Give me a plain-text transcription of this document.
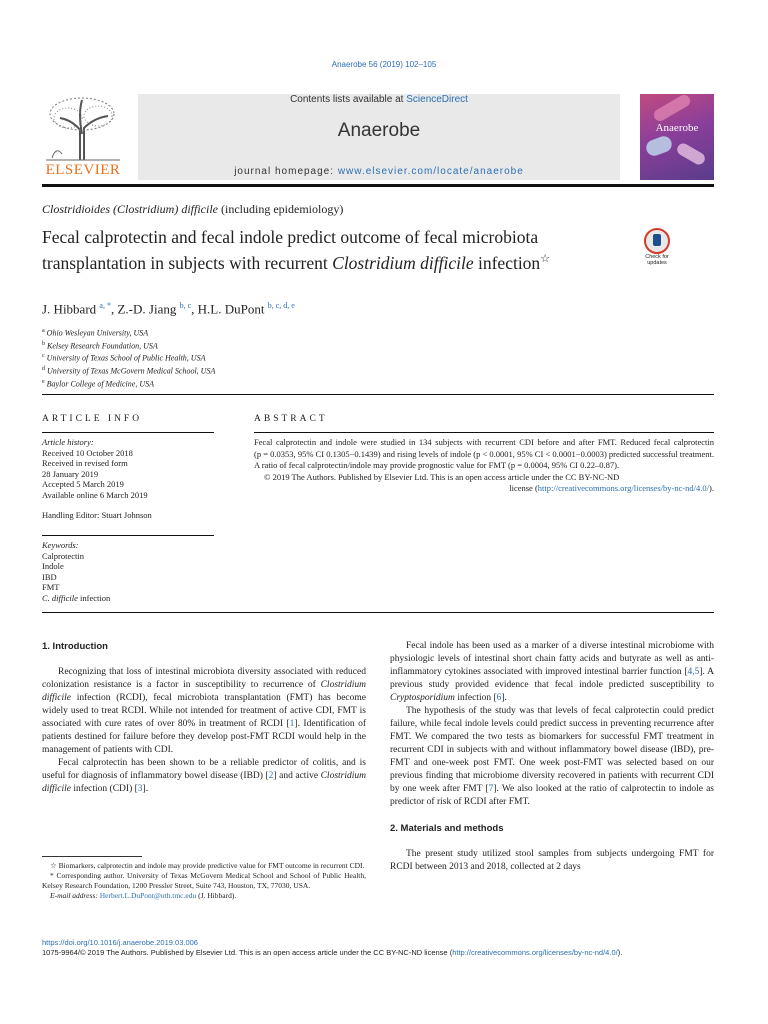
Anaerobe 56 (2019) 102–105
ELSEVIER
Contents lists available at ScienceDirect
Anaerobe
journal homepage: www.elsevier.com/locate/anaerobe
Anaerobe
Clostridioides (Clostridium) difficile (including epidemiology)
Fecal calprotectin and fecal indole predict outcome of fecal microbiota transplantation in subjects with recurrent Clostridium difficile infection☆	Check for updates
J. Hibbard $^{a, *}$, Z.-D. Jiang $^{b, c}$, H.L. DuPont $^{b, c, d, e}$
$^a$ Ohio Wesleyan University, USA
$^b$ Kelsey Research Foundation, USA
$^c$ University of Texas School of Public Health, USA
$^d$ University of Texas McGovern Medical School, USA
$^e$ Baylor College of Medicine, USA
ARTICLE INFO	ABSTRACT
Article history:
Received 10 October 2018
Received in revised form
28 January 2019
Accepted 5 March 2019
Available online 6 March 2019
Handling Editor: Stuart Johnson
Keywords:
Calprotectin
Indole
IBD
FMT
C. difficile infection
Fecal calprotectin and indole were studied in 134 subjects with recurrent CDI before and after FMT. Reduced fecal calprotectin (p = 0.0353, 95% CI 0.1305−0.1439) and rising levels of indole (p < 0.0001, 95% CI < 0.0001−0.0003) predicted successful treatment. A ratio of fecal calprotectin/indole may provide prognostic value for FMT (p = 0.0004, 95% CI 0.22–0.87).
© 2019 The Authors. Published by Elsevier Ltd. This is an open access article under the CC BY-NC-ND
license (http://creativecommons.org/licenses/by-nc-nd/4.0/).
1. Introduction

Recognizing that loss of intestinal microbiota diversity associated with reduced colonization resistance is a factor in susceptibility to recurrence of Clostridium difficile infection (RCDI), fecal microbiota transplantation (FMT) has become widely used to treat RCDI. While not intended for treatment of active CDI, FMT is associated with cure rates of over 80% in treatment of RCDI [1]. Identification of patients destined for failure before they develop post-FMT RCDI would help in the management of patients with CDI.

Fecal calprotectin has been shown to be a reliable predictor of colitis, and is useful for diagnosis of inflammatory bowel disease (IBD) [2] and active Clostridium difficile infection (CDI) [3].

☆ Biomarkers, calprotectin and indole may provide predictive value for FMT outcome in recurrent CDI.

* Corresponding author. University of Texas McGovern Medical School and School of Public Health, Kelsey Research Foundation, 1200 Pressler Street, Suite 743, Houston, TX, 77030, USA.

E-mail address: Herbert.L.DuPont@uth.tmc.edu (J. Hibbard).

Fecal indole has been used as a marker of a diverse intestinal microbiome with physiologic levels of intestinal short chain fatty acids and butyrate as well as anti-inflammatory cytokines associated with improved intestinal barrier function [4,5]. A previous study provided evidence that fecal indole predicted susceptibility to Cryptosporidium infection [6].

The hypothesis of the study was that levels of fecal calprotectin could predict failure, while fecal indole levels could predict success in preventing recurrence after FMT. We compared the two tests as biomarkers for successful FMT treatment in recurrent CDI in subjects with and without inflammatory bowel disease (IBD), pre-FMT and one-week post FMT. One week post-FMT was selected based on our previous finding that microbiome diversity recovered in patients with recurrent CDI by one week after FMT [7]. We also looked at the ratio of calprotectin to indole as predictor of risk of RCDI after FMT.

2. Materials and methods

The present study utilized stool samples from subjects undergoing FMT for RCDI between 2013 and 2018, collected at 2 days

https://doi.org/10.1016/j.anaerobe.2019.03.006
1075-9964/© 2019 The Authors. Published by Elsevier Ltd. This is an open access article under the CC BY-NC-ND license (http://creativecommons.org/licenses/by-nc-nd/4.0/).
